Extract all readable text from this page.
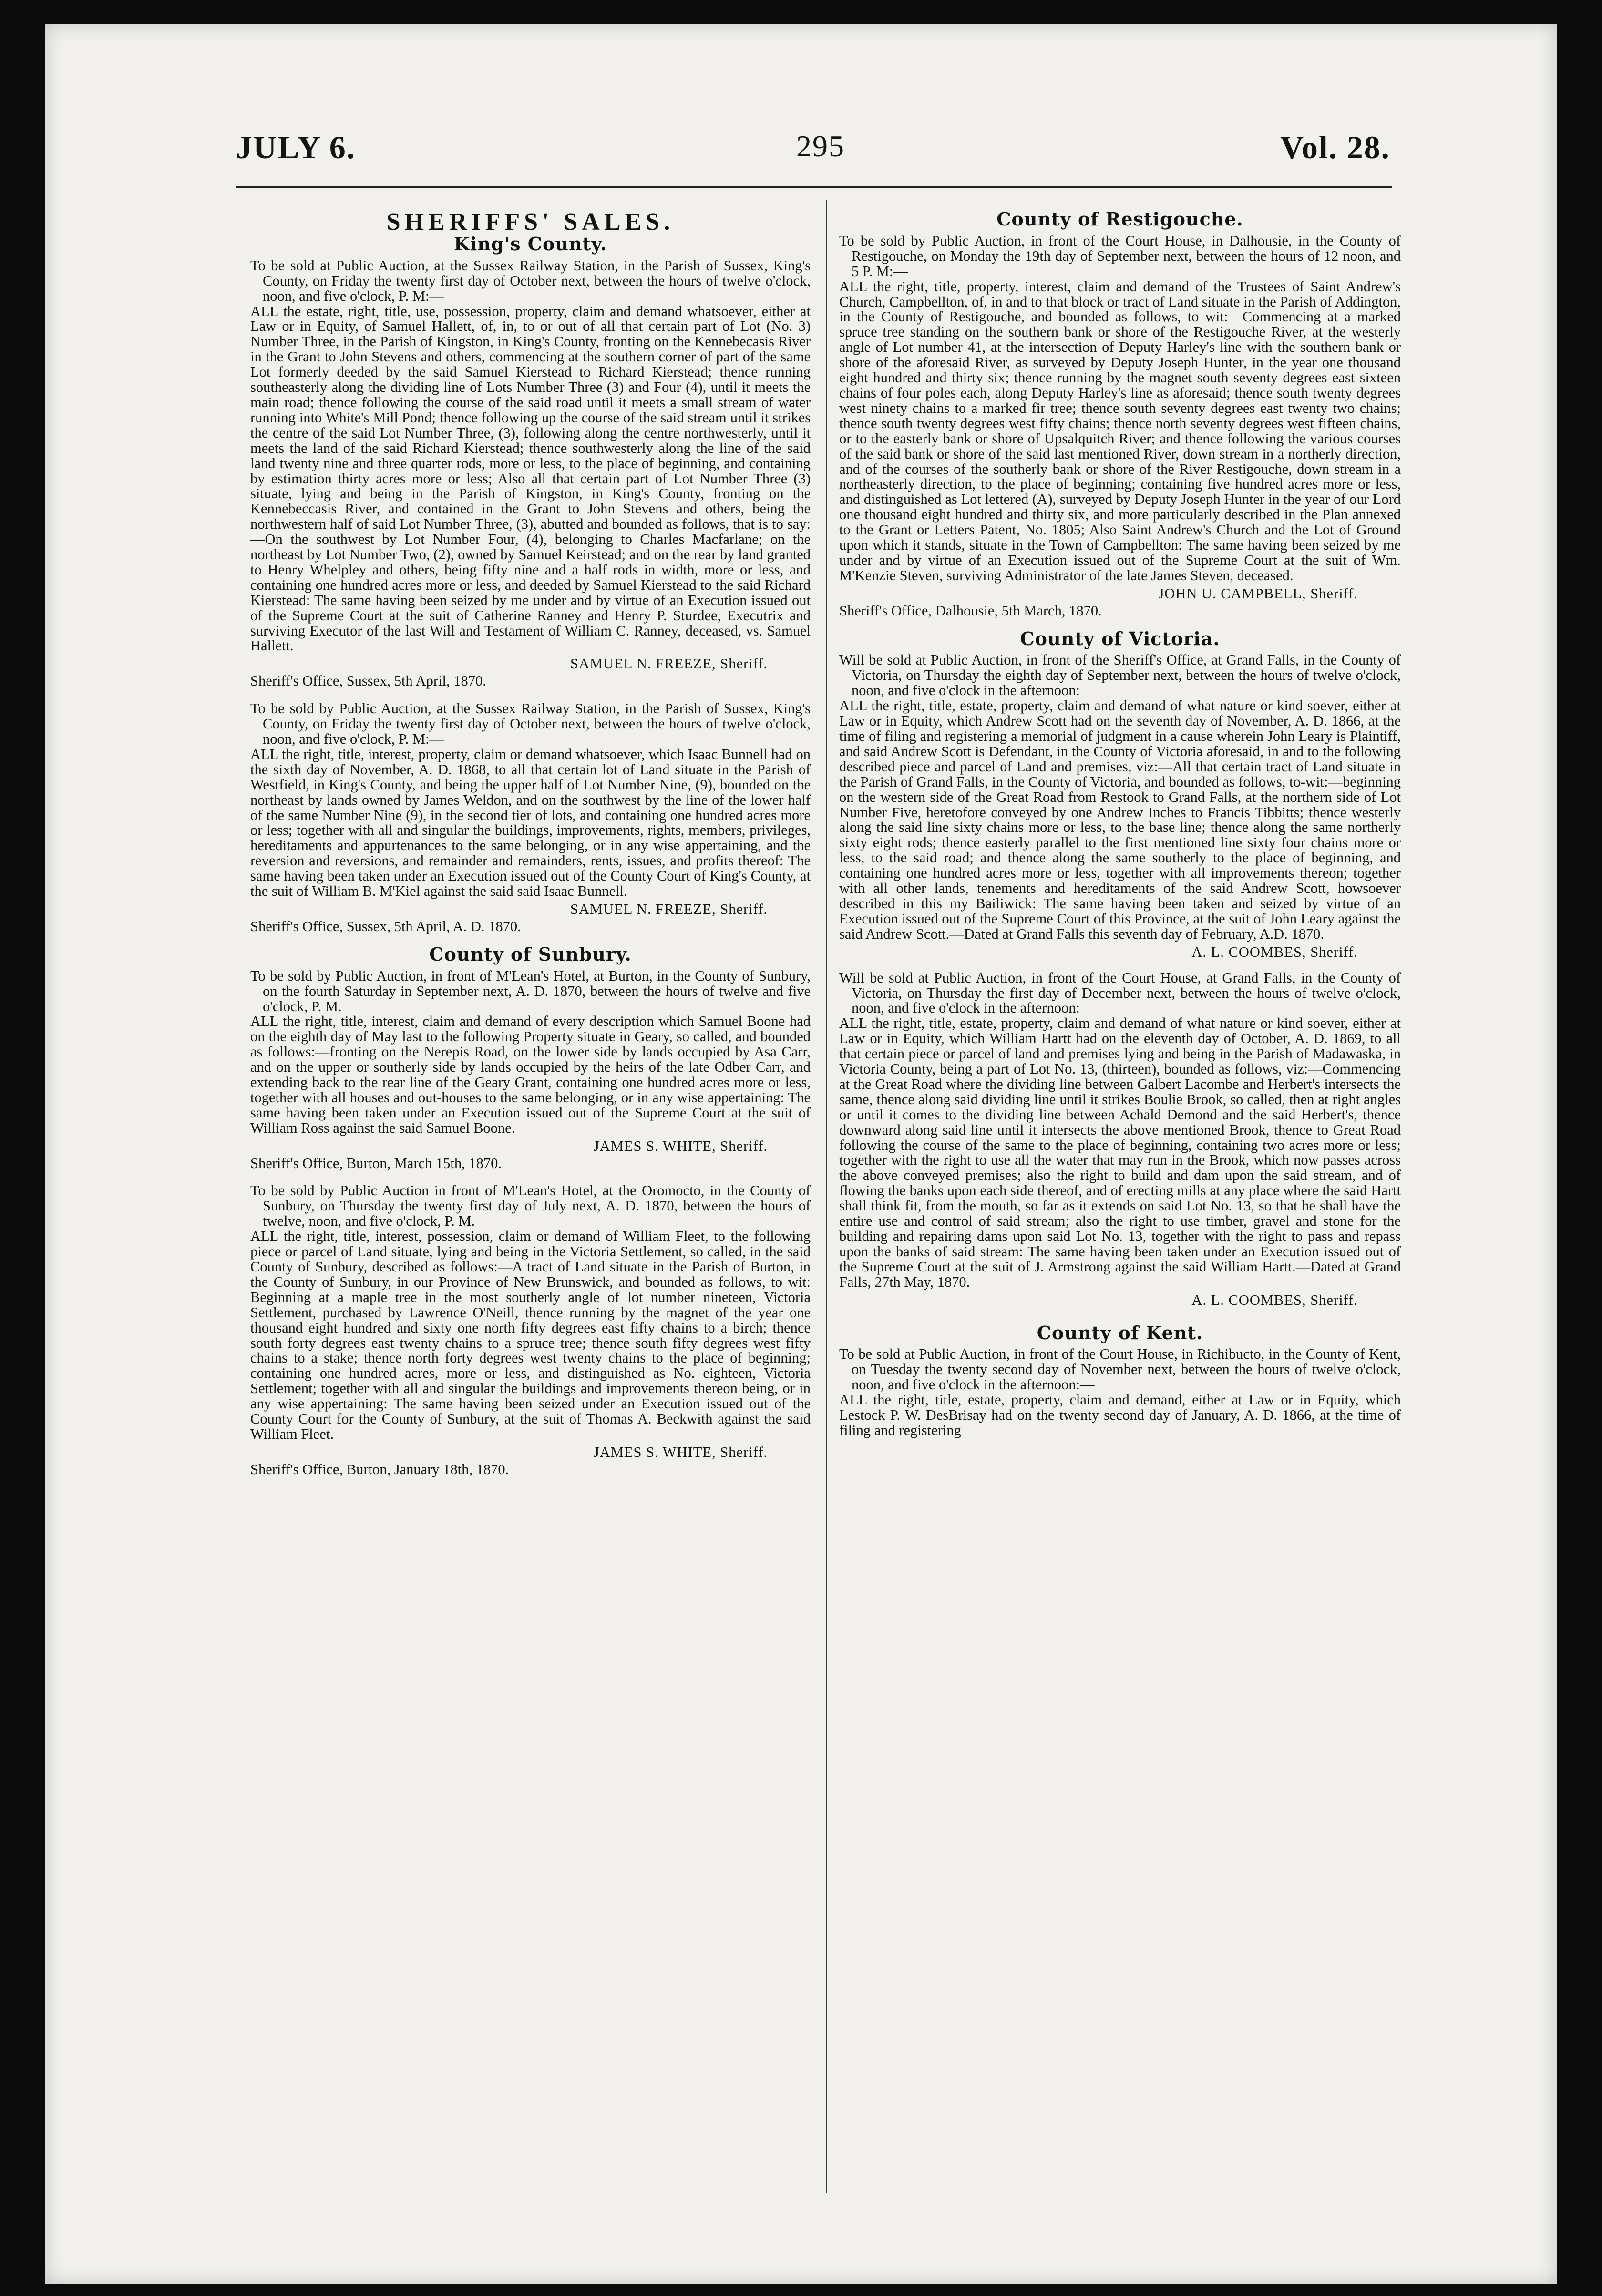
JULY 6.	295	Vol. 28.
SHERIFFS' SALES.
King's County.

To be sold at Public Auction, at the Sussex Railway Station, in the Parish of Sussex, King's County, on Friday the twenty first day of October next, between the hours of twelve o'clock, noon, and five o'clock, P. M:—

ALL the estate, right, title, use, possession, property, claim and demand whatsoever, either at Law or in Equity, of Samuel Hallett, of, in, to or out of all that certain part of Lot (No. 3) Number Three, in the Parish of Kingston, in King's County, fronting on the Kennebecasis River in the Grant to John Stevens and others, commencing at the southern corner of part of the same Lot formerly deeded by the said Samuel Kierstead to Richard Kierstead; thence running southeasterly along the dividing line of Lots Number Three (3) and Four (4), until it meets the main road; thence following the course of the said road until it meets a small stream of water running into White's Mill Pond; thence following up the course of the said stream until it strikes the centre of the said Lot Number Three, (3), following along the centre northwesterly, until it meets the land of the said Richard Kierstead; thence southwesterly along the line of the said land twenty nine and three quarter rods, more or less, to the place of beginning, and containing by estimation thirty acres more or less; Also all that certain part of Lot Number Three (3) situate, lying and being in the Parish of Kingston, in King's County, fronting on the Kennebeccasis River, and contained in the Grant to John Stevens and others, being the northwestern half of said Lot Number Three, (3), abutted and bounded as follows, that is to say:—On the southwest by Lot Number Four, (4), belonging to Charles Macfarlane; on the northeast by Lot Number Two, (2), owned by Samuel Keirstead; and on the rear by land granted to Henry Whelpley and others, being fifty nine and a half rods in width, more or less, and containing one hundred acres more or less, and deeded by Samuel Kierstead to the said Richard Kierstead: The same having been seized by me under and by virtue of an Execution issued out of the Supreme Court at the suit of Catherine Ranney and Henry P. Sturdee, Executrix and surviving Executor of the last Will and Testament of William C. Ranney, deceased, vs. Samuel Hallett.

SAMUEL N. FREEZE, Sheriff.

Sheriff's Office, Sussex, 5th April, 1870.

To be sold by Public Auction, at the Sussex Railway Station, in the Parish of Sussex, King's County, on Friday the twenty first day of October next, between the hours of twelve o'clock, noon, and five o'clock, P. M:—

ALL the right, title, interest, property, claim or demand whatsoever, which Isaac Bunnell had on the sixth day of November, A. D. 1868, to all that certain lot of Land situate in the Parish of Westfield, in King's County, and being the upper half of Lot Number Nine, (9), bounded on the northeast by lands owned by James Weldon, and on the southwest by the line of the lower half of the same Number Nine (9), in the second tier of lots, and containing one hundred acres more or less; together with all and singular the buildings, improvements, rights, members, privileges, hereditaments and appurtenances to the same belonging, or in any wise appertaining, and the reversion and reversions, and remainder and remainders, rents, issues, and profits thereof: The same having been taken under an Execution issued out of the County Court of King's County, at the suit of William B. M'Kiel against the said said Isaac Bunnell.

SAMUEL N. FREEZE, Sheriff.

Sheriff's Office, Sussex, 5th April, A. D. 1870.

County of Sunbury.

To be sold by Public Auction, in front of M'Lean's Hotel, at Burton, in the County of Sunbury, on the fourth Saturday in September next, A. D. 1870, between the hours of twelve and five o'clock, P. M.

ALL the right, title, interest, claim and demand of every description which Samuel Boone had on the eighth day of May last to the following Property situate in Geary, so called, and bounded as follows:—fronting on the Nerepis Road, on the lower side by lands occupied by Asa Carr, and on the upper or southerly side by lands occupied by the heirs of the late Odber Carr, and extending back to the rear line of the Geary Grant, containing one hundred acres more or less, together with all houses and out-houses to the same belonging, or in any wise appertaining: The same having been taken under an Execution issued out of the Supreme Court at the suit of William Ross against the said Samuel Boone.

JAMES S. WHITE, Sheriff.

Sheriff's Office, Burton, March 15th, 1870.

To be sold by Public Auction in front of M'Lean's Hotel, at the Oromocto, in the County of Sunbury, on Thursday the twenty first day of July next, A. D. 1870, between the hours of twelve, noon, and five o'clock, P. M.

ALL the right, title, interest, possession, claim or demand of William Fleet, to the following piece or parcel of Land situate, lying and being in the Victoria Settlement, so called, in the said County of Sunbury, described as follows:—A tract of Land situate in the Parish of Burton, in the County of Sunbury, in our Province of New Brunswick, and bounded as follows, to wit: Beginning at a maple tree in the most southerly angle of lot number nineteen, Victoria Settlement, purchased by Lawrence O'Neill, thence running by the magnet of the year one thousand eight hundred and sixty one north fifty degrees east fifty chains to a birch; thence south forty degrees east twenty chains to a spruce tree; thence south fifty degrees west fifty chains to a stake; thence north forty degrees west twenty chains to the place of beginning; containing one hundred acres, more or less, and distinguished as No. eighteen, Victoria Settlement; together with all and singular the buildings and improvements thereon being, or in any wise appertaining: The same having been seized under an Execution issued out of the County Court for the County of Sunbury, at the suit of Thomas A. Beckwith against the said William Fleet.

JAMES S. WHITE, Sheriff.

Sheriff's Office, Burton, January 18th, 1870.

County of Restigouche.

To be sold by Public Auction, in front of the Court House, in Dalhousie, in the County of Restigouche, on Monday the 19th day of September next, between the hours of 12 noon, and 5 P. M:—

ALL the right, title, property, interest, claim and demand of the Trustees of Saint Andrew's Church, Campbellton, of, in and to that block or tract of Land situate in the Parish of Addington, in the County of Restigouche, and bounded as follows, to wit:—Commencing at a marked spruce tree standing on the southern bank or shore of the Restigouche River, at the westerly angle of Lot number 41, at the intersection of Deputy Harley's line with the southern bank or shore of the aforesaid River, as surveyed by Deputy Joseph Hunter, in the year one thousand eight hundred and thirty six; thence running by the magnet south seventy degrees east sixteen chains of four poles each, along Deputy Harley's line as aforesaid; thence south twenty degrees west ninety chains to a marked fir tree; thence south seventy degrees east twenty two chains; thence south twenty degrees west fifty chains; thence north seventy degrees west fifteen chains, or to the easterly bank or shore of Upsalquitch River; and thence following the various courses of the said bank or shore of the said last mentioned River, down stream in a northerly direction, and of the courses of the southerly bank or shore of the River Restigouche, down stream in a northeasterly direction, to the place of beginning; containing five hundred acres more or less, and distinguished as Lot lettered (A), surveyed by Deputy Joseph Hunter in the year of our Lord one thousand eight hundred and thirty six, and more particularly described in the Plan annexed to the Grant or Letters Patent, No. 1805; Also Saint Andrew's Church and the Lot of Ground upon which it stands, situate in the Town of Campbellton: The same having been seized by me under and by virtue of an Execution issued out of the Supreme Court at the suit of Wm. M'Kenzie Steven, surviving Administrator of the late James Steven, deceased.

JOHN U. CAMPBELL, Sheriff.

Sheriff's Office, Dalhousie, 5th March, 1870.

County of Victoria.

Will be sold at Public Auction, in front of the Sheriff's Office, at Grand Falls, in the County of Victoria, on Thursday the eighth day of September next, between the hours of twelve o'clock, noon, and five o'clock in the afternoon:

ALL the right, title, estate, property, claim and demand of what nature or kind soever, either at Law or in Equity, which Andrew Scott had on the seventh day of November, A. D. 1866, at the time of filing and registering a memorial of judgment in a cause wherein John Leary is Plaintiff, and said Andrew Scott is Defendant, in the County of Victoria aforesaid, in and to the following described piece and parcel of Land and premises, viz:—All that certain tract of Land situate in the Parish of Grand Falls, in the County of Victoria, and bounded as follows, to-wit:—beginning on the western side of the Great Road from Restook to Grand Falls, at the northern side of Lot Number Five, heretofore conveyed by one Andrew Inches to Francis Tibbitts; thence westerly along the said line sixty chains more or less, to the base line; thence along the same northerly sixty eight rods; thence easterly parallel to the first mentioned line sixty four chains more or less, to the said road; and thence along the same southerly to the place of beginning, and containing one hundred acres more or less, together with all improvements thereon; together with all other lands, tenements and hereditaments of the said Andrew Scott, howsoever described in this my Bailiwick: The same having been taken and seized by virtue of an Execution issued out of the Supreme Court of this Province, at the suit of John Leary against the said Andrew Scott.—Dated at Grand Falls this seventh day of February, A.D. 1870.

A. L. COOMBES, Sheriff.

Will be sold at Public Auction, in front of the Court House, at Grand Falls, in the County of Victoria, on Thursday the first day of December next, between the hours of twelve o'clock, noon, and five o'clock in the afternoon:

ALL the right, title, estate, property, claim and demand of what nature or kind soever, either at Law or in Equity, which William Hartt had on the eleventh day of October, A. D. 1869, to all that certain piece or parcel of land and premises lying and being in the Parish of Madawaska, in Victoria County, being a part of Lot No. 13, (thirteen), bounded as follows, viz:—Commencing at the Great Road where the dividing line between Galbert Lacombe and Herbert's intersects the same, thence along said dividing line until it strikes Boulie Brook, so called, then at right angles or until it comes to the dividing line between Achald Demond and the said Herbert's, thence downward along said line until it intersects the above mentioned Brook, thence to Great Road following the course of the same to the place of beginning, containing two acres more or less; together with the right to use all the water that may run in the Brook, which now passes across the above conveyed premises; also the right to build and dam upon the said stream, and of flowing the banks upon each side thereof, and of erecting mills at any place where the said Hartt shall think fit, from the mouth, so far as it extends on said Lot No. 13, so that he shall have the entire use and control of said stream; also the right to use timber, gravel and stone for the building and repairing dams upon said Lot No. 13, together with the right to pass and repass upon the banks of said stream: The same having been taken under an Execution issued out of the Supreme Court at the suit of J. Armstrong against the said William Hartt.—Dated at Grand Falls, 27th May, 1870.

A. L. COOMBES, Sheriff.

County of Kent.

To be sold at Public Auction, in front of the Court House, in Richibucto, in the County of Kent, on Tuesday the twenty second day of November next, between the hours of twelve o'clock, noon, and five o'clock in the afternoon:—

ALL the right, title, estate, property, claim and demand, either at Law or in Equity, which Lestock P. W. DesBrisay had on the twenty second day of January, A. D. 1866, at the time of filing and registering
